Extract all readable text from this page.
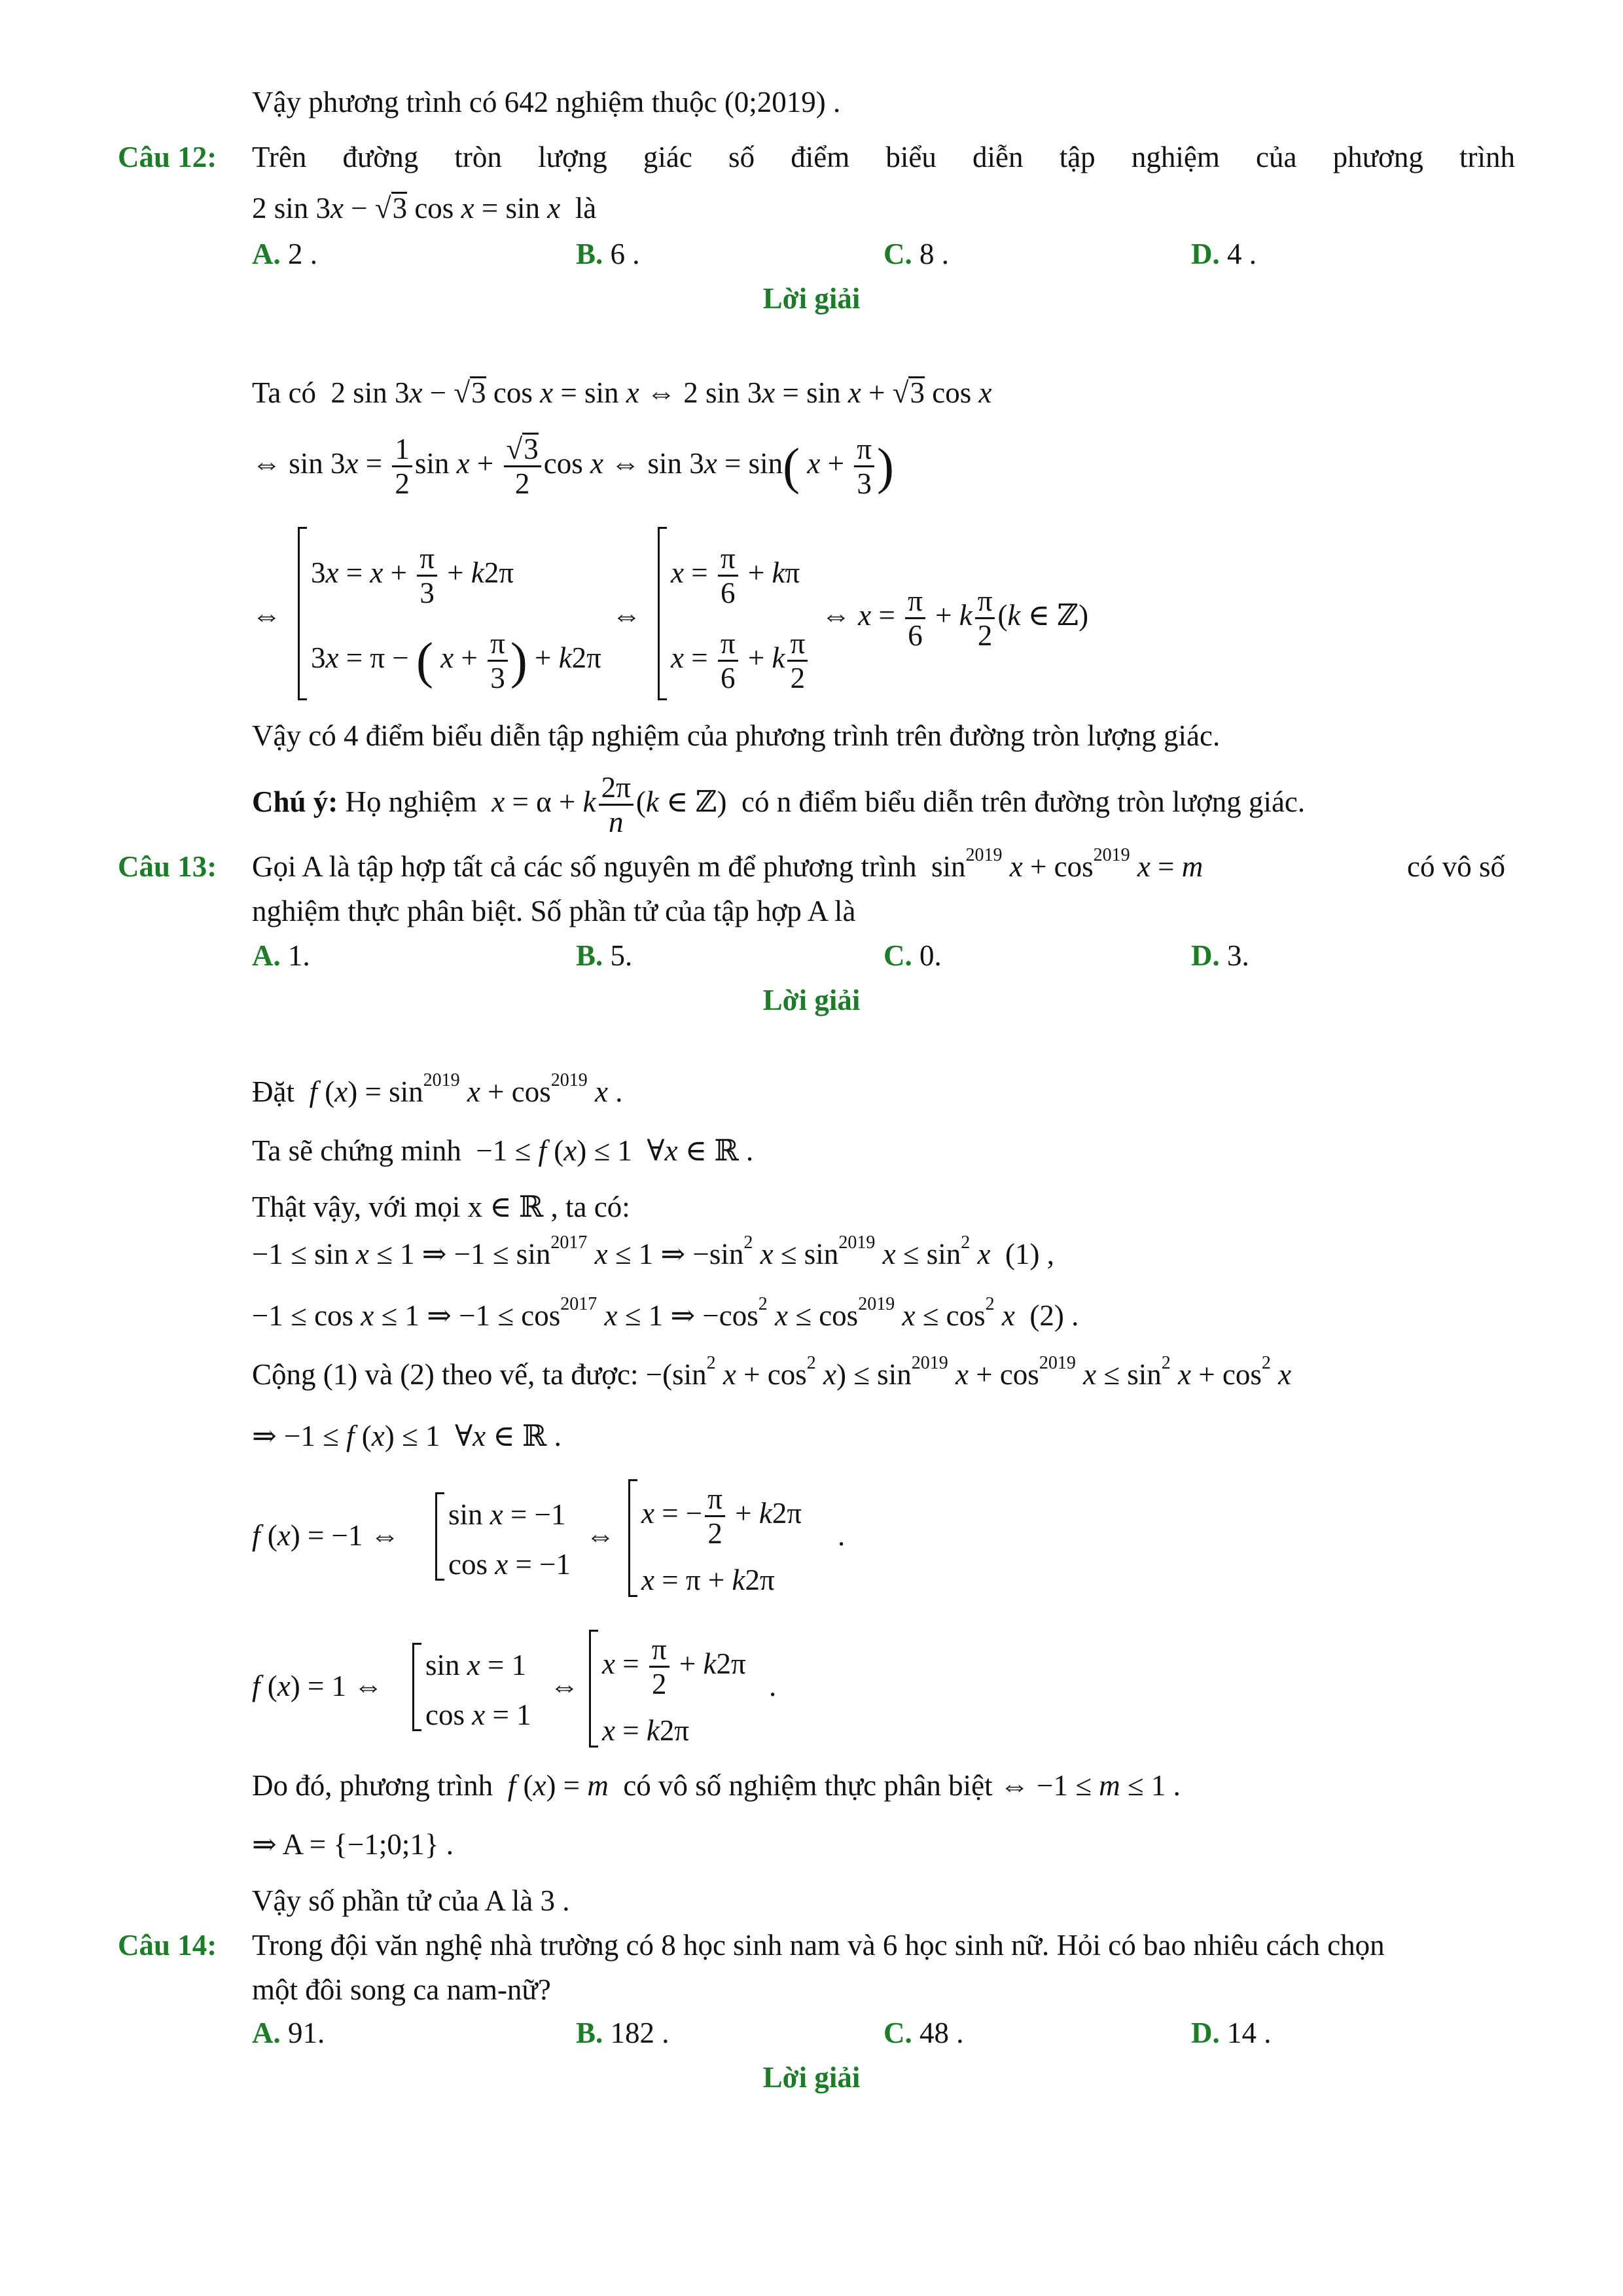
Vậy phương trình có 642 nghiệm thuộc (0;2019) .
Câu 12: Trên đường tròn lượng giác số điểm biểu diễn tập nghiệm của phương trình
2 sin 3x − √3 cos x = sin x là
A. 2 .	B. 6 .	C. 8 .	D. 4 .
Lời giải
Ta có  2 sin 3x − √3 cos x = sin x ⇔ 2 sin 3x = sin x + √3 cos x
⇔ $\sin 3x = \frac{1}{2}$ $\sin x + \frac{√3}{2}$ cos x ⇔ sin 3x = sin( $x + \frac{\pi}{3}$ )
⇔
$3x = x + \frac{\pi}{3} + k2\pi$
3x = π − ( $x + \frac{\pi}{3}$ ) + k2π
⇔
$x = \frac{\pi}{6} + k\pi$
$x = \frac{\pi}{6} + k \frac{\pi}{2}$
⇔ $x = \frac{\pi}{6} + k \frac{\pi}{2} (k$ ∈ ℤ)
Vậy có 4 điểm biểu diễn tập nghiệm của phương trình trên đường tròn lượng giác.
Chú ý: Họ nghiệm x = α + k $\frac{2\pi}{n} (k$ ∈ ℤ)  có n điểm biểu diễn trên đường tròn lượng giác.
Câu 13: Gọi A là tập hợp tất cả các số nguyên m để phương trình  $\sin^{2019} x + \cos^{2019} x = m$	có vô số
nghiệm thực phân biệt. Số phần tử của tập hợp A là
A. 1.	B. 5.	C. 0.	D. 3.
Lời giải
Đặt f $(x) = \sin^{2019} x + \cos^{2019} x$ .
Ta sẽ chứng minh  −1 ≤ f (x) ≤ 1  ∀x ∈ ℝ .
Thật vậy, với mọi x ∈ ℝ , ta có:
−1 ≤ sin x ≤ 1 ⇒ $-1 \le \sin^{2017} x \le 1$ ⇒ $-\sin^2$ $x \le \sin^{2019} x \le \sin^2 x$  (1) ,
−1 ≤ cos x ≤ 1 ⇒ $-1 \le \cos^{2017} x \le 1$ ⇒ $-\cos^2$ $x \le \cos^{2019} x \le \cos^2 x$  (2) .
Cộng (1) và (2) theo vế, ta được: $-(\sin^2$ $x + \cos^2 x) \le \sin^{2019} x + \cos^{2019} x \le \sin^2 x + \cos^2 x$
⇒ −1 ≤ f (x) ≤ 1  ∀x ∈ ℝ .
f (x) = −1 ⇔
sin x = −1
cos x = −1
⇔
x = − $\frac{\pi}{2} + k2\pi$
x = π + k2π
.
f (x) = 1 ⇔
sin x = 1
cos x = 1
⇔
$x = \frac{\pi}{2} + k2\pi$
x = k2π
.
Do đó, phương trình f (x) = m có vô số nghiệm thực phân biệt ⇔ −1 ≤ m ≤ 1 .
⇒ A = {−1;0;1} .
Vậy số phần tử của A là 3 .
Câu 14: Trong đội văn nghệ nhà trường có 8 học sinh nam và 6 học sinh nữ. Hỏi có bao nhiêu cách chọn
một đôi song ca nam-nữ?
A. 91.	B. 182 .	C. 48 .	D. 14 .
Lời giải
